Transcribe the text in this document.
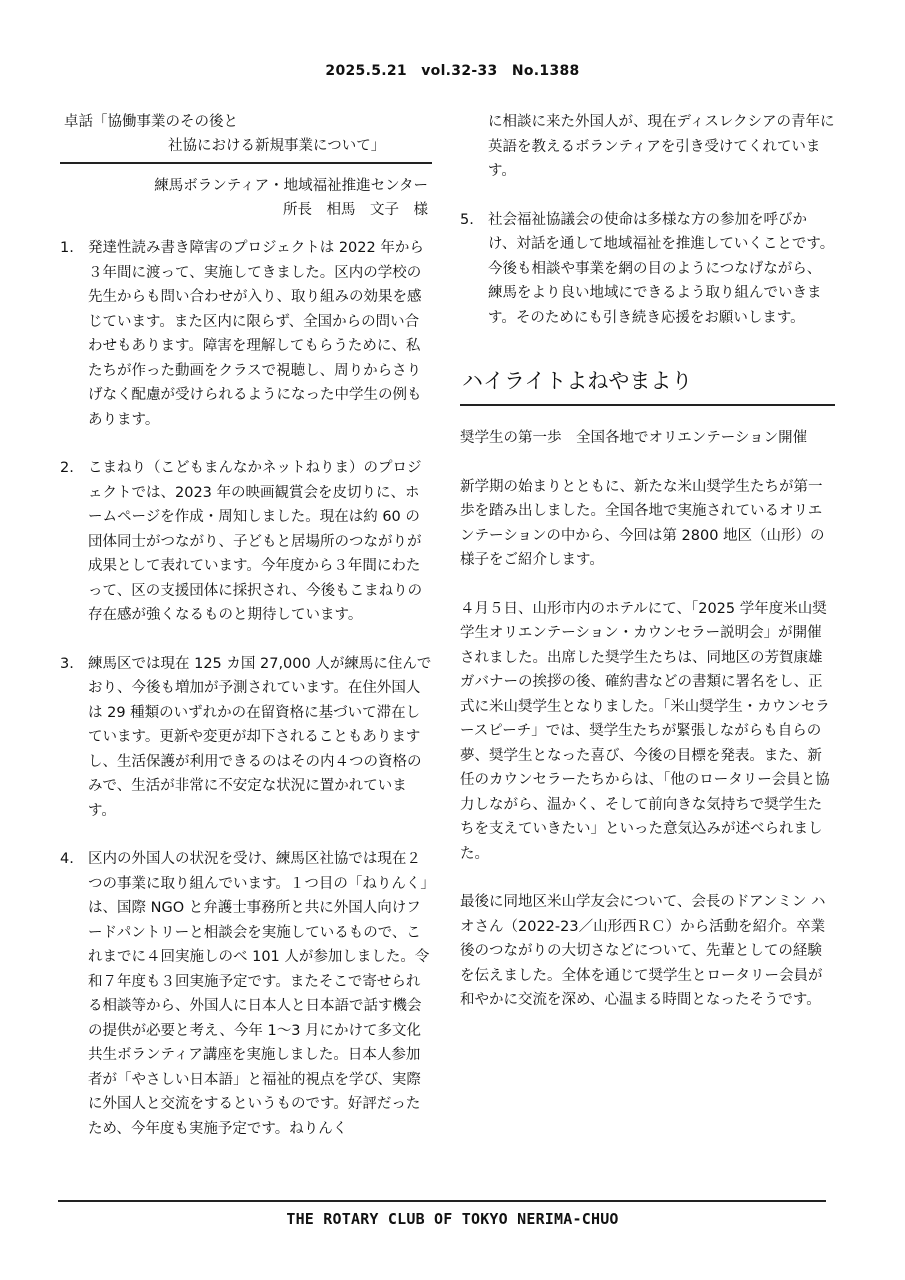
2025.5.21　vol.32-33　No.1388
卓話「協働事業のその後と
社協における新規事業について」
練馬ボランティア・地域福祉推進センター
所長　相馬　文子　様
1. 発達性読み書き障害のプロジェクトは 2022 年から３年間に渡って、実施してきました。区内の学校の先生からも問い合わせが入り、取り組みの効果を感じています。また区内に限らず、全国からの問い合わせもあります。障害を理解してもらうために、私たちが作った動画をクラスで視聴し、周りからさりげなく配慮が受けられるようになった中学生の例もあります。
2. こまねり（こどもまんなかネットねりま）のプロジェクトでは、2023 年の映画観賞会を皮切りに、ホームページを作成・周知しました。現在は約 60 の団体同士がつながり、子どもと居場所のつながりが成果として表れています。今年度から３年間にわたって、区の支援団体に採択され、今後もこまねりの存在感が強くなるものと期待しています。
3. 練馬区では現在 125 カ国 27,000 人が練馬に住んでおり、今後も増加が予測されています。在住外国人は 29 種類のいずれかの在留資格に基づいて滞在しています。更新や変更が却下されることもありますし、生活保護が利用できるのはその内４つの資格のみで、生活が非常に不安定な状況に置かれています。
4. 区内の外国人の状況を受け、練馬区社協では現在２つの事業に取り組んでいます。１つ目の「ねりんく」は、国際 NGO と弁護士事務所と共に外国人向けフードパントリーと相談会を実施しているもので、これまでに４回実施しのべ 101 人が参加しました。令和７年度も３回実施予定です。またそこで寄せられる相談等から、外国人に日本人と日本語で話す機会の提供が必要と考え、今年 1～3 月にかけて多文化共生ボランティア講座を実施しました。日本人参加者が「やさしい日本語」と福祉的視点を学び、実際に外国人と交流をするというものです。好評だったため、今年度も実施予定です。ねりんく
に相談に来た外国人が、現在ディスレクシアの青年に英語を教えるボランティアを引き受けてくれています。
5. 社会福祉協議会の使命は多様な方の参加を呼びかけ、対話を通して地域福祉を推進していくことです。今後も相談や事業を網の目のようにつなげながら、練馬をより良い地域にできるよう取り組んでいきます。そのためにも引き続き応援をお願いします。
ハイライトよねやまより

奨学生の第一歩　全国各地でオリエンテーション開催

新学期の始まりとともに、新たな米山奨学生たちが第一歩を踏み出しました。全国各地で実施されているオリエンテーションの中から、今回は第 2800 地区（山形）の様子をご紹介します。

４月５日、山形市内のホテルにて、「2025 学年度米山奨学生オリエンテーション・カウンセラー説明会」が開催されました。出席した奨学生たちは、同地区の芳賀康雄ガバナーの挨拶の後、確約書などの書類に署名をし、正式に米山奨学生となりました。「米山奨学生・カウンセラースピーチ」では、奨学生たちが緊張しながらも自らの夢、奨学生となった喜び、今後の目標を発表。また、新任のカウンセラーたちからは、「他のロータリー会員と協力しながら、温かく、そして前向きな気持ちで奨学生たちを支えていきたい」といった意気込みが述べられました。

最後に同地区米山学友会について、会長のドアンミン ハオさん（2022-23／山形西ＲＣ）から活動を紹介。卒業後のつながりの大切さなどについて、先輩としての経験を伝えました。全体を通じて奨学生とロータリー会員が和やかに交流を深め、心温まる時間となったそうです。

THE ROTARY CLUB OF TOKYO NERIMA-CHUO
